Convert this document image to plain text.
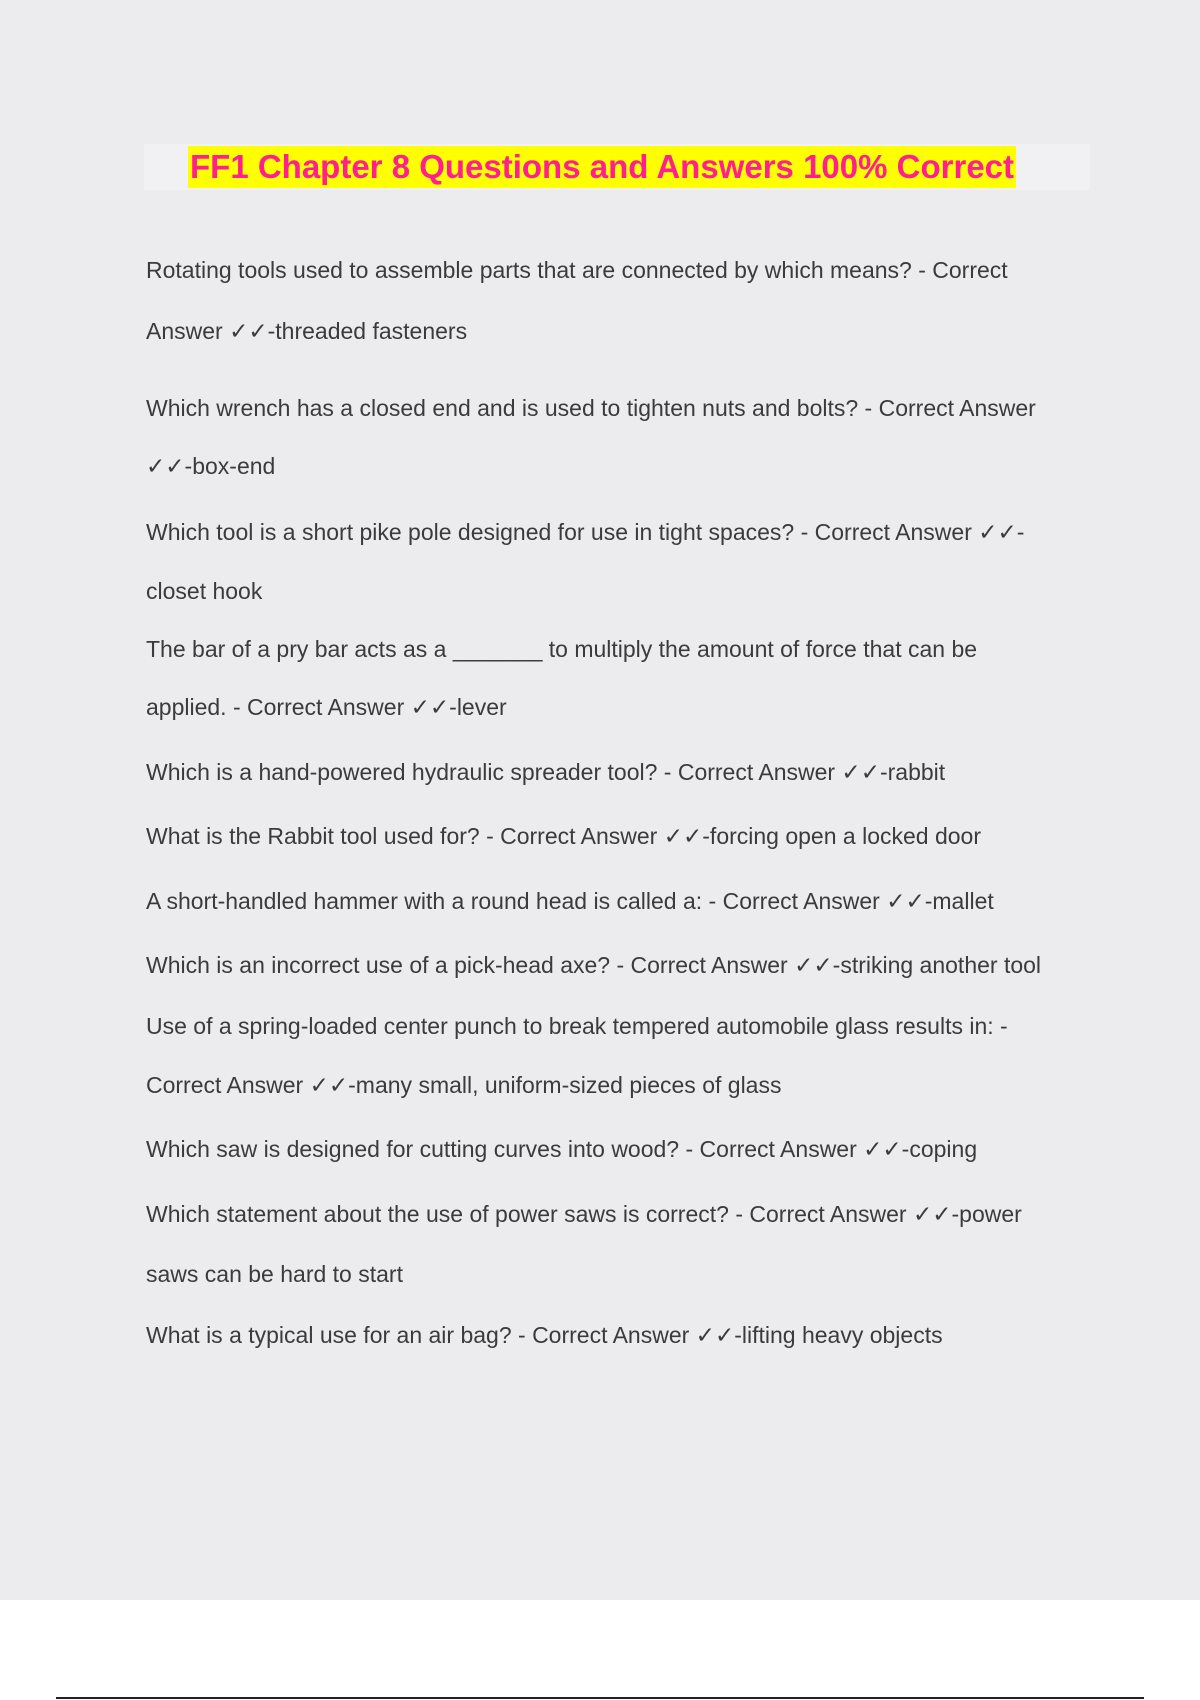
FF1 Chapter 8 Questions and Answers 100% Correct
Rotating tools used to assemble parts that are connected by which means? - Correct
Answer ✓✓-threaded fasteners
Which wrench has a closed end and is used to tighten nuts and bolts? - Correct Answer
✓✓-box-end
Which tool is a short pike pole designed for use in tight spaces? - Correct Answer ✓✓-
closet hook
The bar of a pry bar acts as a _______ to multiply the amount of force that can be
applied. - Correct Answer ✓✓-lever
Which is a hand-powered hydraulic spreader tool? - Correct Answer ✓✓-rabbit
What is the Rabbit tool used for? - Correct Answer ✓✓-forcing open a locked door
A short-handled hammer with a round head is called a: - Correct Answer ✓✓-mallet
Which is an incorrect use of a pick-head axe? - Correct Answer ✓✓-striking another tool
Use of a spring-loaded center punch to break tempered automobile glass results in: -
Correct Answer ✓✓-many small, uniform-sized pieces of glass
Which saw is designed for cutting curves into wood? - Correct Answer ✓✓-coping
Which statement about the use of power saws is correct? - Correct Answer ✓✓-power
saws can be hard to start
What is a typical use for an air bag? - Correct Answer ✓✓-lifting heavy objects
